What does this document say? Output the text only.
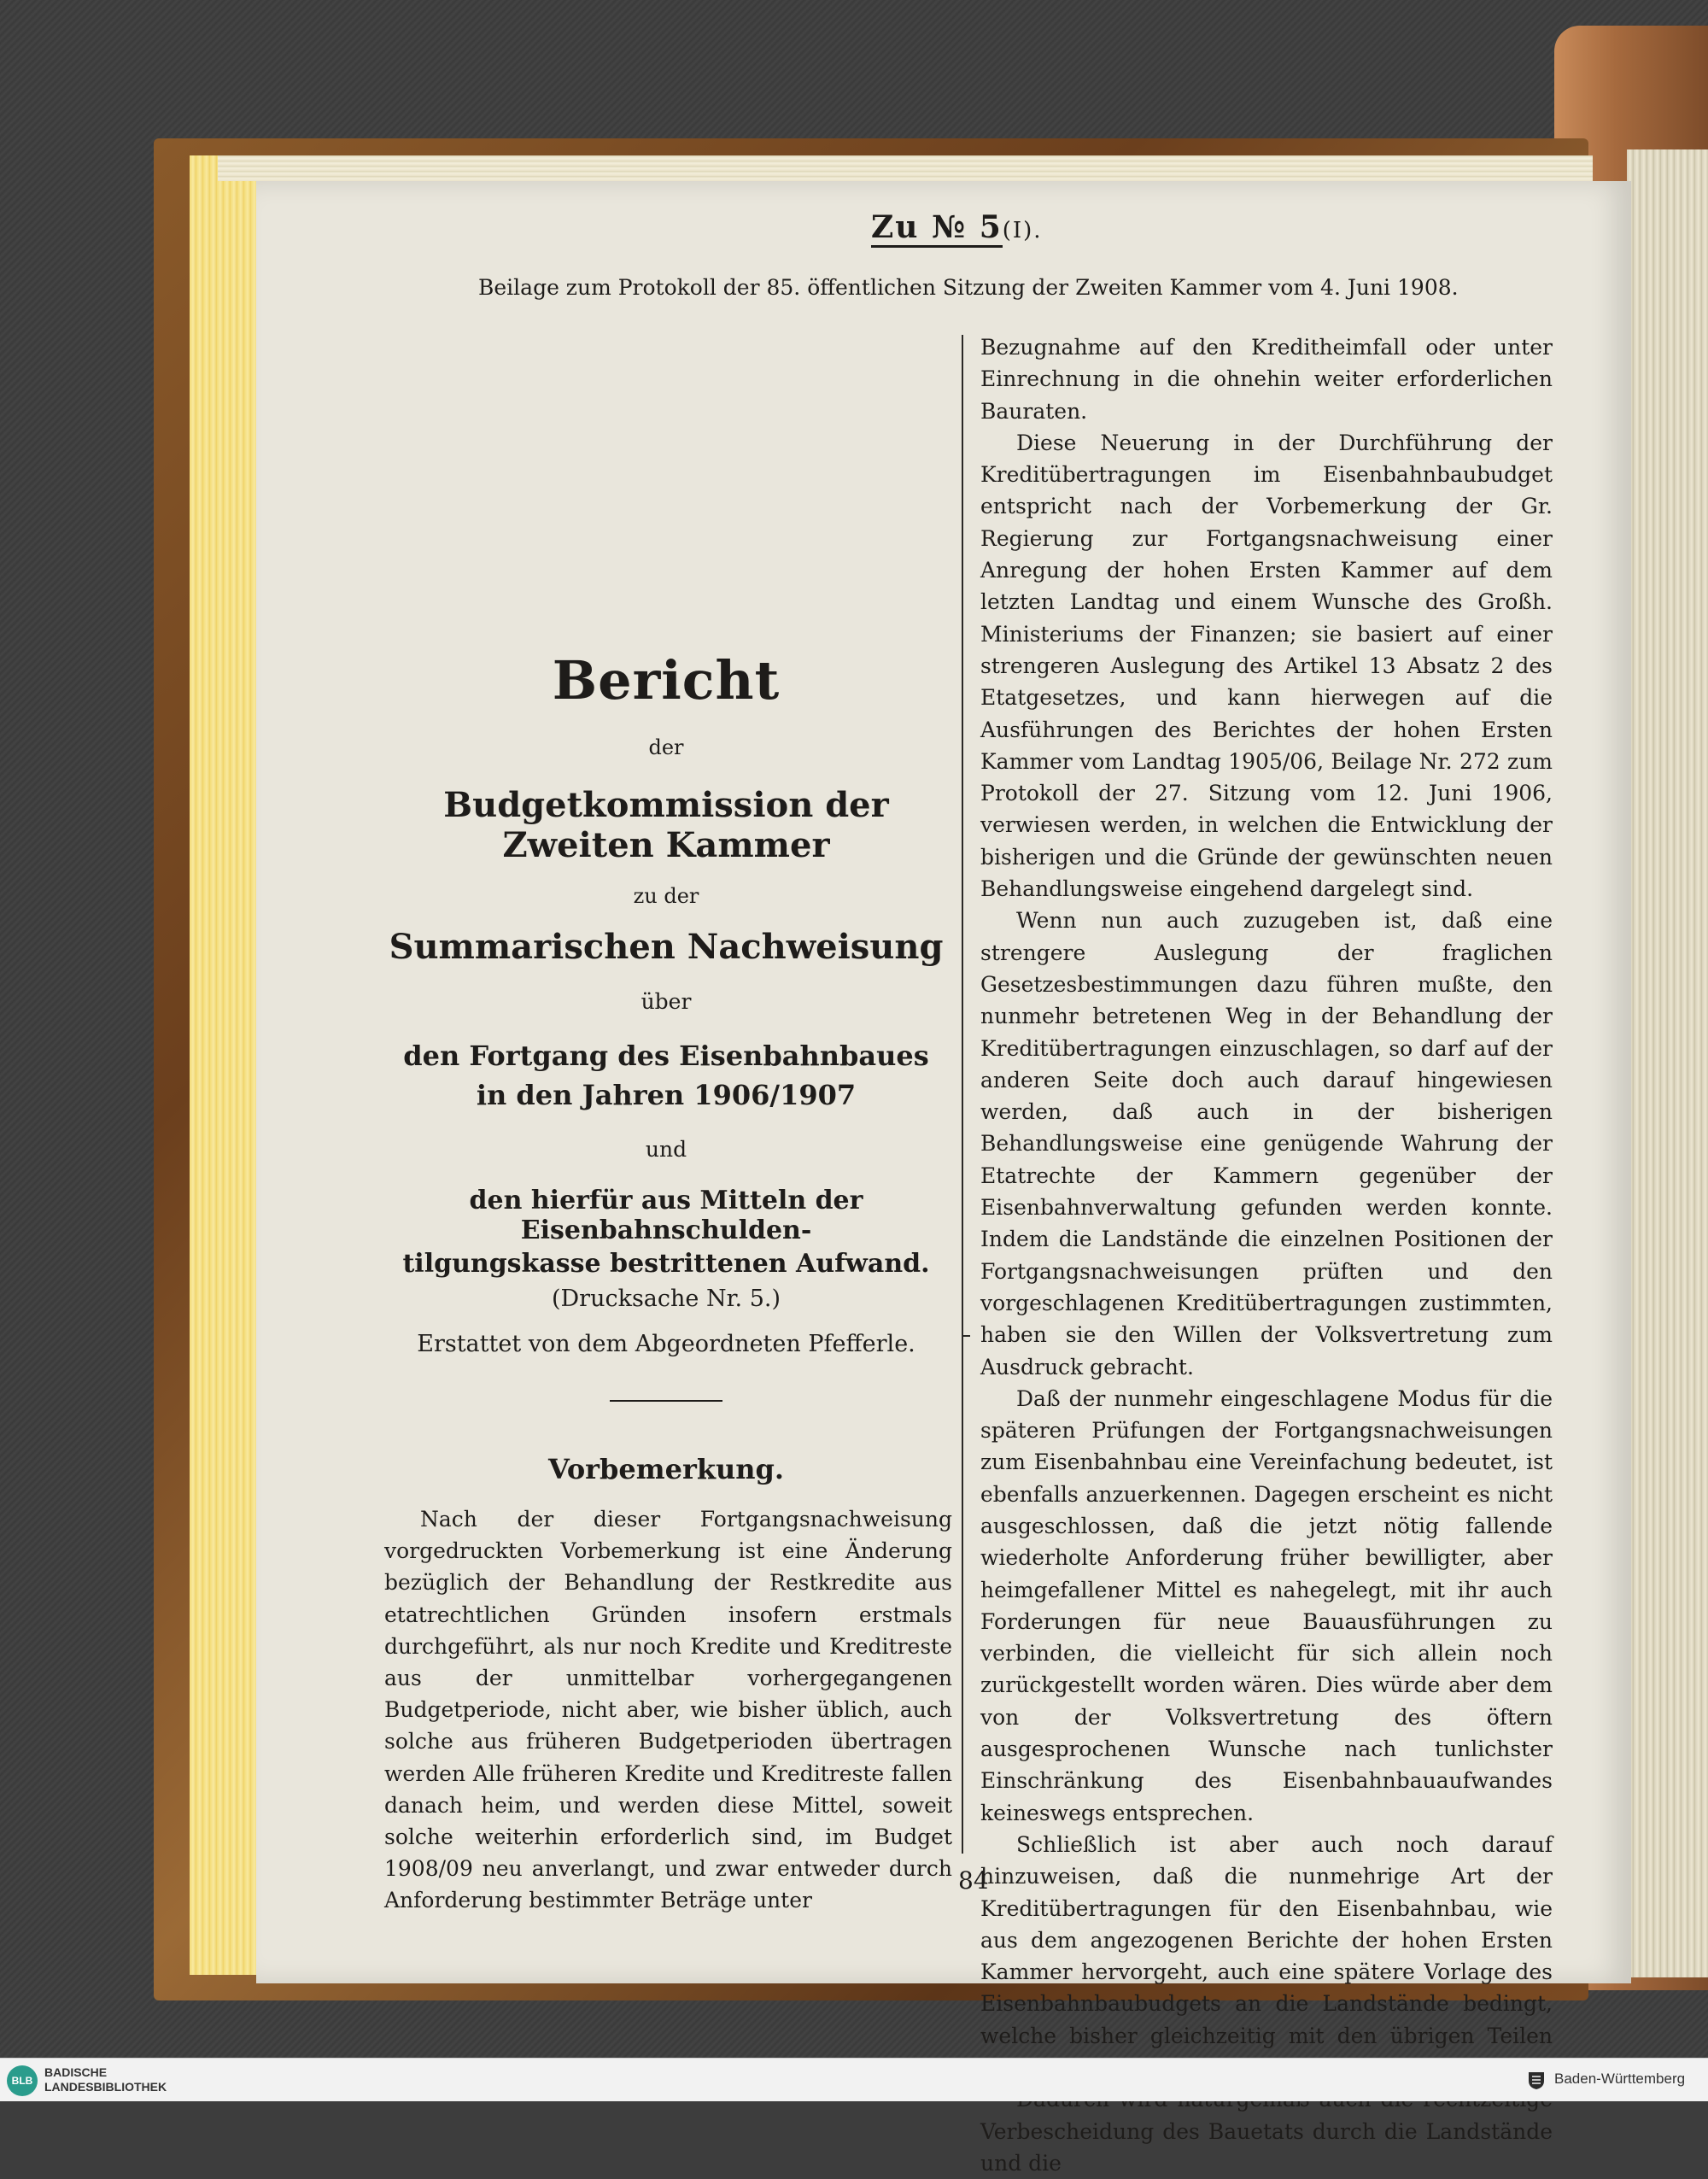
Zu № 5(I).
Beilage zum Protokoll der 85. öffentlichen Sitzung der Zweiten Kammer vom 4. Juni 1908.
Bericht
der
Budgetkommission der Zweiten Kammer
zu der
Summarischen Nachweisung
über
den Fortgang des Eisenbahnbaues
in den Jahren 1906/1907
und
den hierfür aus Mitteln der Eisenbahnschulden-
tilgungskasse bestrittenen Aufwand.
(Drucksache Nr. 5.)
Erstattet von dem Abgeordneten Pfefferle.
Vorbemerkung.

Nach der dieser Fortgangsnachweisung vorgedruckten Vorbemerkung ist eine Änderung bezüglich der Behandlung der Restkredite aus etatrechtlichen Gründen insofern erstmals durchgeführt, als nur noch Kredite und Kreditreste aus der unmittelbar vorhergegangenen Budgetperiode, nicht aber, wie bisher üblich, auch solche aus früheren Budgetperioden übertragen werden Alle früheren Kredite und Kreditreste fallen danach heim, und werden diese Mittel, soweit solche weiterhin erforderlich sind, im Budget 1908/09 neu anverlangt, und zwar entweder durch Anforderung bestimmter Beträge unter

Bezugnahme auf den Kreditheimfall oder unter Einrechnung in die ohnehin weiter erforderlichen Bauraten.

Diese Neuerung in der Durchführung der Kreditübertragungen im Eisenbahnbaubudget entspricht nach der Vorbemerkung der Gr. Regierung zur Fortgangsnachweisung einer Anregung der hohen Ersten Kammer auf dem letzten Landtag und einem Wunsche des Großh. Ministeriums der Finanzen; sie basiert auf einer strengeren Auslegung des Artikel 13 Absatz 2 des Etatgesetzes, und kann hierwegen auf die Ausführungen des Berichtes der hohen Ersten Kammer vom Landtag 1905/06, Beilage Nr. 272 zum Protokoll der 27. Sitzung vom 12. Juni 1906, verwiesen werden, in welchen die Entwicklung der bisherigen und die Gründe der gewünschten neuen Behandlungsweise eingehend dargelegt sind.

Wenn nun auch zuzugeben ist, daß eine strengere Auslegung der fraglichen Gesetzesbestimmungen dazu führen mußte, den nunmehr betretenen Weg in der Behandlung der Kreditübertragungen einzuschlagen, so darf auf der anderen Seite doch auch darauf hingewiesen werden, daß auch in der bisherigen Behandlungsweise eine genügende Wahrung der Etatrechte der Kammern gegenüber der Eisenbahnverwaltung gefunden werden konnte. Indem die Landstände die einzelnen Positionen der Fortgangsnachweisungen prüften und den vorgeschlagenen Kreditübertragungen zustimmten, haben sie den Willen der Volksvertretung zum Ausdruck gebracht.

Daß der nunmehr eingeschlagene Modus für die späteren Prüfungen der Fortgangsnachweisungen zum Eisenbahnbau eine Vereinfachung bedeutet, ist ebenfalls anzuerkennen. Dagegen erscheint es nicht ausgeschlossen, daß die jetzt nötig fallende wiederholte Anforderung früher bewilligter, aber heimgefallener Mittel es nahegelegt, mit ihr auch Forderungen für neue Bauausführungen zu verbinden, die vielleicht für sich allein noch zurückgestellt worden wären. Dies würde aber dem von der Volksvertretung des öftern ausgesprochenen Wunsche nach tunlichster Einschränkung des Eisenbahnbauaufwandes keineswegs entsprechen.

Schließlich ist aber auch noch darauf hinzuweisen, daß die nunmehrige Art der Kreditübertragungen für den Eisenbahnbau, wie aus dem angezogenen Berichte der hohen Ersten Kammer hervorgeht, auch eine spätere Vorlage des Eisenbahnbaubudgets an die Landstände bedingt, welche bisher gleichzeitig mit den übrigen Teilen

Verbescheidung des Bauetats durch die Landstände und die

84
BLB
BADISCHE
LANDESBIBLIOTHEK	Baden-Württemberg
